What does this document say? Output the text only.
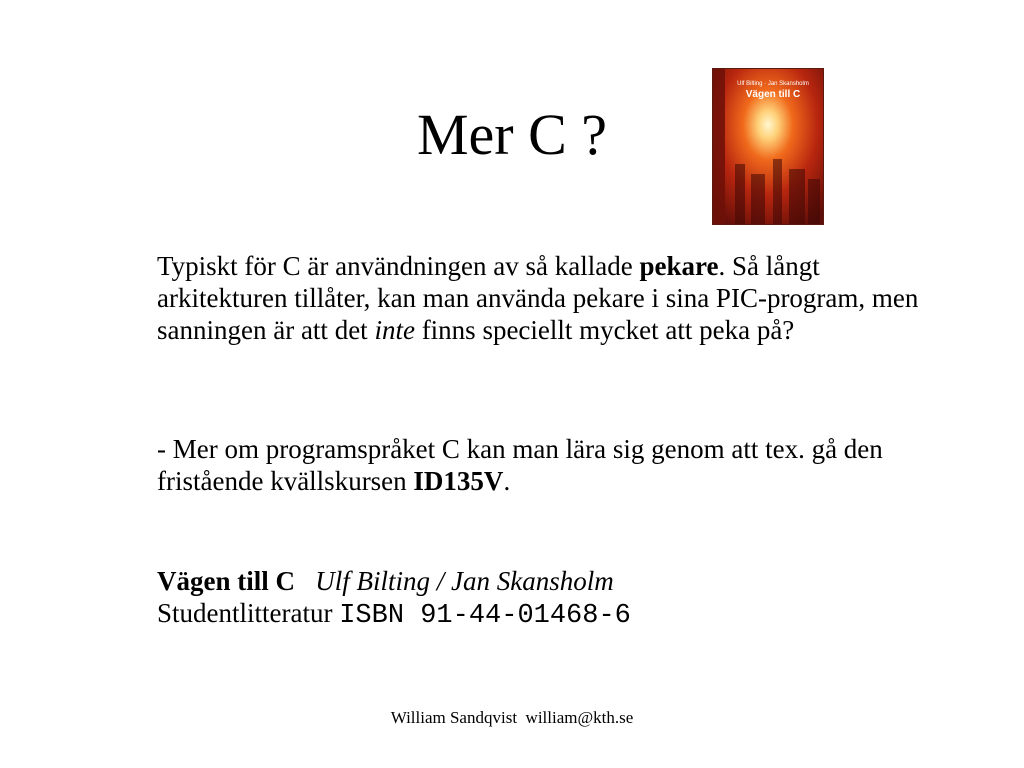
Mer C ?
Ulf Bilting · Jan Skansholm
Vägen till C

Typiskt för C är användningen av så kallade pekare. Så långt arkitekturen tillåter, kan man använda pekare i sina PIC-program, men sanningen är att det inte finns speciellt mycket att peka på?

- Mer om programspråket C kan man lära sig genom att tex. gå den fristående kvällskursen ID135V.

Vägen till C Ulf Bilting / Jan Skansholm
Studentlitteratur ISBN 91-44-01468-6

William Sandqvist william@kth.se
